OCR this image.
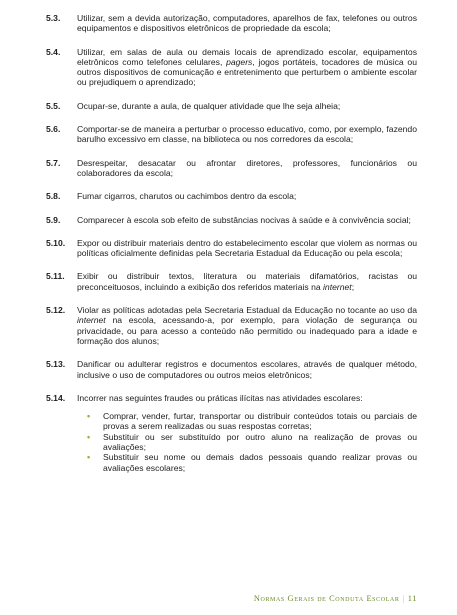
5.3.	Utilizar, sem a devida autorização, computadores, aparelhos de fax, telefones ou outros equipamentos e dispositivos eletrônicos de propriedade da escola;
5.4.	Utilizar, em salas de aula ou demais locais de aprendizado escolar, equipamentos eletrônicos como telefones celulares, pagers, jogos portáteis, tocadores de música ou outros dispositivos de comunicação e entretenimento que perturbem o ambiente escolar ou prejudiquem o aprendizado;
5.5.	Ocupar-se, durante a aula, de qualquer atividade que lhe seja alheia;
5.6.	Comportar-se de maneira a perturbar o processo educativo, como, por exemplo, fazendo barulho excessivo em classe, na biblioteca ou nos corredores da escola;
5.7.	Desrespeitar, desacatar ou afrontar diretores, professores, funcionários ou colaboradores da escola;
5.8.	Fumar cigarros, charutos ou cachimbos dentro da escola;
5.9.	Comparecer à escola sob efeito de substâncias nocivas à saúde e à convivência social;
5.10.	Expor ou distribuir materiais dentro do estabelecimento escolar que violem as normas ou políticas oficialmente definidas pela Secretaria Estadual da Educação ou pela escola;
5.11.	Exibir ou distribuir textos, literatura ou materiais difamatórios, racistas ou preconceituosos, incluindo a exibição dos referidos materiais na internet;
5.12.	Violar as políticas adotadas pela Secretaria Estadual da Educação no tocante ao uso da internet na escola, acessando-a, por exemplo, para violação de segurança ou privacidade, ou para acesso a conteúdo não permitido ou inadequado para a idade e formação dos alunos;
5.13.	Danificar ou adulterar registros e documentos escolares, através de qualquer método, inclusive o uso de computadores ou outros meios eletrônicos;
5.14.	Incorrer nas seguintes fraudes ou práticas ilícitas nas atividades escolares:
•	Comprar, vender, furtar, transportar ou distribuir conteúdos totais ou parciais de provas a serem realizadas ou suas respostas corretas;
•	Substituir ou ser substituído por outro aluno na realização de provas ou avaliações;
•	Substituir seu nome ou demais dados pessoais quando realizar provas ou avaliações escolares;
Normas Gerais de Conduta Escolar | 11
